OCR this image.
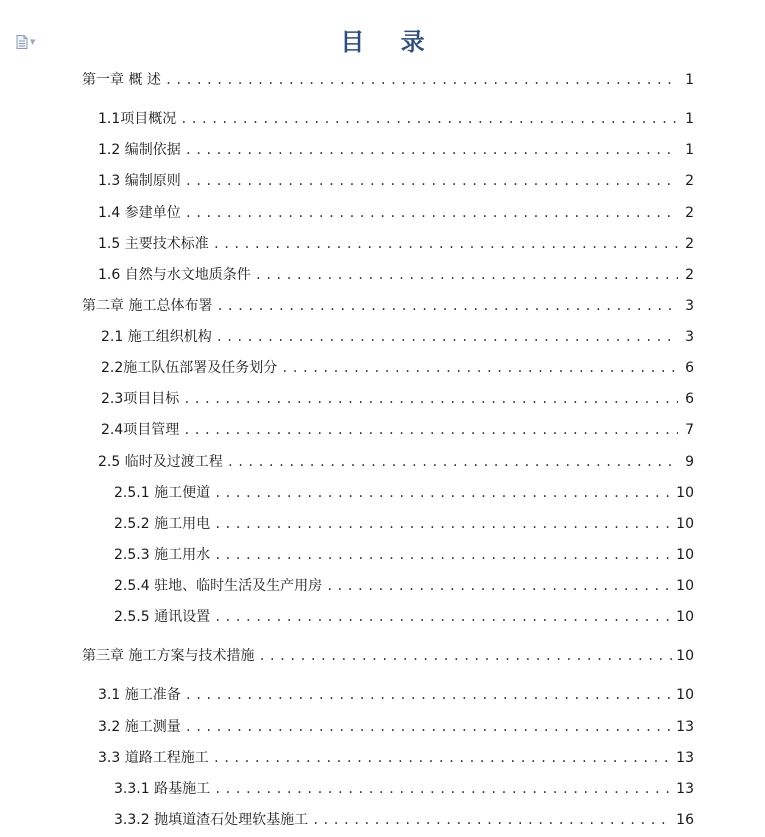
▼	目 录
第一章 概 述 .....	1
1.1项目概况 .....	1
1.2 编制依据 .....	1
1.3 编制原则 .....	2
1.4 参建单位 .....	2
1.5 主要技术标准 .....	2
1.6 自然与水文地质条件 .....	2
第二章 施工总体布署 .....	3
2.1 施工组织机构 .....	3
2.2施工队伍部署及任务划分 .....	6
2.3项目目标 .....	6
2.4项目管理 .....	7
2.5 临时及过渡工程 .....	9
2.5.1 施工便道 .....	10
2.5.2 施工用电 .....	10
2.5.3 施工用水 .....	10
2.5.4 驻地、临时生活及生产用房 .....	10
2.5.5 通讯设置 .....	10
第三章 施工方案与技术措施 .....	10
3.1 施工准备 .....	10
3.2 施工测量 .....	13
3.3 道路工程施工 .....	13
3.3.1 路基施工 .....	13
3.3.2 抛填道渣石处理软基施工 .....	16
